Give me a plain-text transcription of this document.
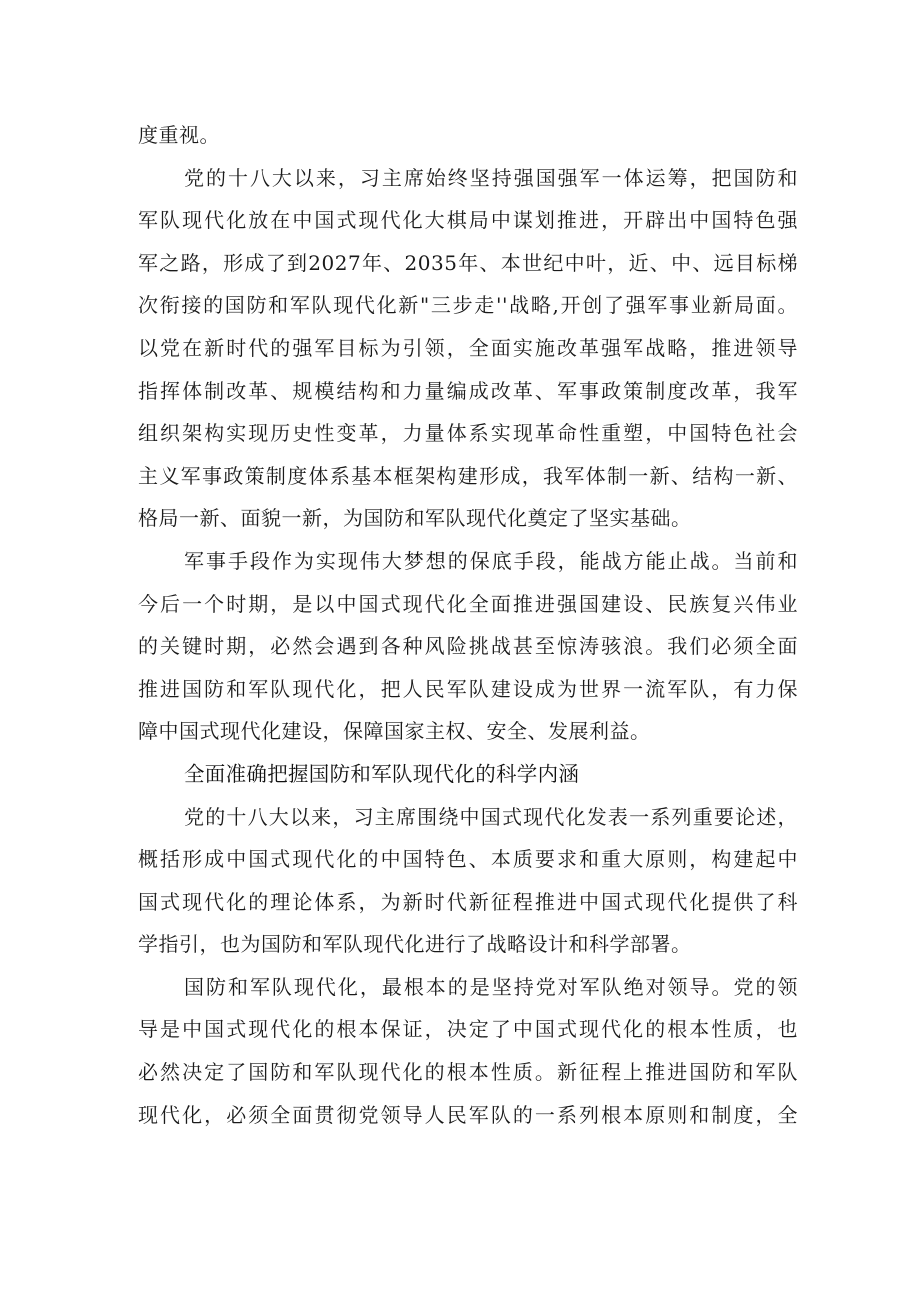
度重视。
党的十八大以来，习主席始终坚持强国强军一体运筹，把国防和
军队现代化放在中国式现代化大棋局中谋划推进，开辟出中国特色强
军之路，形成了到2027年、2035年、本世纪中叶，近、中、远目标梯
次衔接的国防和军队现代化新"三步走''战略,开创了强军事业新局面。
以党在新时代的强军目标为引领，全面实施改革强军战略，推进领导
指挥体制改革、规模结构和力量编成改革、军事政策制度改革，我军
组织架构实现历史性变革，力量体系实现革命性重塑，中国特色社会
主义军事政策制度体系基本框架构建形成，我军体制一新、结构一新、
格局一新、面貌一新，为国防和军队现代化奠定了坚实基础。
军事手段作为实现伟大梦想的保底手段，能战方能止战。当前和
今后一个时期，是以中国式现代化全面推进强国建设、民族复兴伟业
的关键时期，必然会遇到各种风险挑战甚至惊涛骇浪。我们必须全面
推进国防和军队现代化，把人民军队建设成为世界一流军队，有力保
障中国式现代化建设，保障国家主权、安全、发展利益。
全面准确把握国防和军队现代化的科学内涵
党的十八大以来，习主席围绕中国式现代化发表一系列重要论述，
概括形成中国式现代化的中国特色、本质要求和重大原则，构建起中
国式现代化的理论体系，为新时代新征程推进中国式现代化提供了科
学指引，也为国防和军队现代化进行了战略设计和科学部署。
国防和军队现代化，最根本的是坚持党对军队绝对领导。党的领
导是中国式现代化的根本保证，决定了中国式现代化的根本性质，也
必然决定了国防和军队现代化的根本性质。新征程上推进国防和军队
现代化，必须全面贯彻党领导人民军队的一系列根本原则和制度，全
